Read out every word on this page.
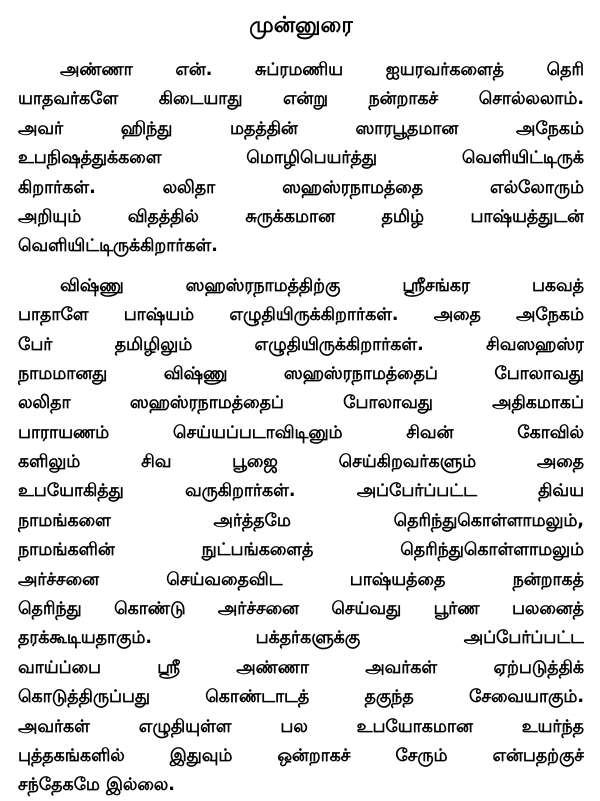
முன்னுரை

அண்ணா என். சுப்ரமணிய ஐயரவர்களைத் தெரி
யாதவர்களே கிடையாது என்று நன்றாகச் சொல்லலாம்.
அவர் ஹிந்து மதத்தின் ஸாரபூதமான அநேகம்
உபநிஷத்துக்களை மொழிபெயர்த்து வெளியிட்டிருக்
கிறார்கள். லலிதா ஸஹஸ்ரநாமத்தை எல்லோரும்
அறியும் விதத்தில் சுருக்கமான தமிழ் பாஷ்யத்துடன்
வெளியிட்டிருக்கிறார்கள்.

விஷ்ணு ஸஹஸ்ரநாமத்திற்கு ஸ்ரீசங்கர பகவத்
பாதாளே பாஷ்யம் எழுதியிருக்கிறார்கள். அதை அநேகம்
பேர் தமிழிலும் எழுதியிருக்கிறார்கள். சிவஸஹஸ்ர
நாமமானது விஷ்ணு ஸஹஸ்ரநாமத்தைப் போலாவது
லலிதா ஸஹஸ்ரநாமத்தைப் போலாவது அதிகமாகப்
பாராயணம் செய்யப்படாவிடினும் சிவன் கோவில்
களிலும் சிவ பூஜை செய்கிறவர்களும் அதை
உபயோகித்து வருகிறார்கள். அப்பேர்ப்பட்ட திவ்ய
நாமங்களை அர்த்தமே தெரிந்துகொள்ளாமலும்,
நாமங்களின் நுட்பங்களைத் தெரிந்துகொள்ளாமலும்
அர்ச்சனை செய்வதைவிட பாஷ்யத்தை நன்றாகத்
தெரிந்து கொண்டு அர்ச்சனை செய்வது பூர்ண பலனைத்
தரக்கூடியதாகும். பக்தர்களுக்கு அப்பேர்ப்பட்ட
வாய்ப்பை ஸ்ரீ அண்ணா அவர்கள் ஏற்படுத்திக்
கொடுத்திருப்பது கொண்டாடத் தகுந்த சேவையாகும்.
அவர்கள் எழுதியுள்ள பல உபயோகமான உயர்ந்த
புத்தகங்களில் இதுவும் ஒன்றாகச் சேரும் என்பதற்குச்
சந்தேகமே இல்லை.
